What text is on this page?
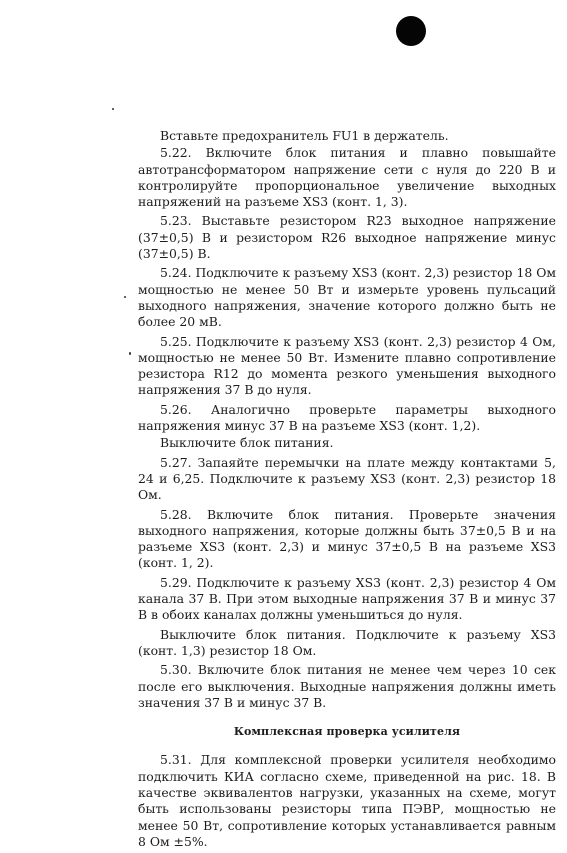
Вставьте предохранитель FU1 в держатель.

5.22. Включите блок питания и плавно повышайте автотрансформатором напряжение сети с нуля до 220 В и контролируйте пропорциональное увеличение выходных напряжений на разъеме XS3 (конт. 1, 3).

5.23. Выставьте резистором R23 выходное напряжение (37±0,5) В и резистором R26 выходное напряжение минус (37±0,5) В.

5.24. Подключите к разъему XS3 (конт. 2,3) резистор 18 Ом мощностью не менее 50 Вт и измерьте уровень пульсаций выходного напряжения, значение которого должно быть не более 20 мВ.

5.25. Подключите к разъему XS3 (конт. 2,3) резистор 4 Ом, мощностью не менее 50 Вт. Измените плавно сопротивление резистора R12 до момента резкого уменьшения выходного напряжения 37 В до нуля.

5.26. Аналогично проверьте параметры выходного напряжения минус 37 В на разъеме XS3 (конт. 1,2).

Выключите блок питания.

5.27. Запаяйте перемычки на плате между контактами 5, 24 и 6,25. Подключите к разъему XS3 (конт. 2,3) резистор 18 Ом.

5.28. Включите блок питания. Проверьте значения выходного напряжения, которые должны быть 37±0,5 В и на разъеме XS3 (конт. 2,3) и минус 37±0,5 В на разъеме XS3 (конт. 1, 2).

5.29. Подключите к разъему XS3 (конт. 2,3) резистор 4 Ом канала 37 В. При этом выходные напряжения 37 В и минус 37 В в обоих каналах должны уменьшиться до нуля.

Выключите блок питания. Подключите к разъему XS3 (конт. 1,3) резистор 18 Ом.

5.30. Включите блок питания не менее чем через 10 сек после его выключения. Выходные напряжения должны иметь значения 37 В и минус 37 В.

Комплексная проверка усилителя

5.31. Для комплексной проверки усилителя необходимо подключить КИА согласно схеме, приведенной на рис. 18. В качестве эквивалентов нагрузки, указанных на схеме, могут быть использованы резисторы типа ПЭВР, мощностью не менее 50 Вт, сопротивление которых устанавливается равным 8 Ом ±5%.
